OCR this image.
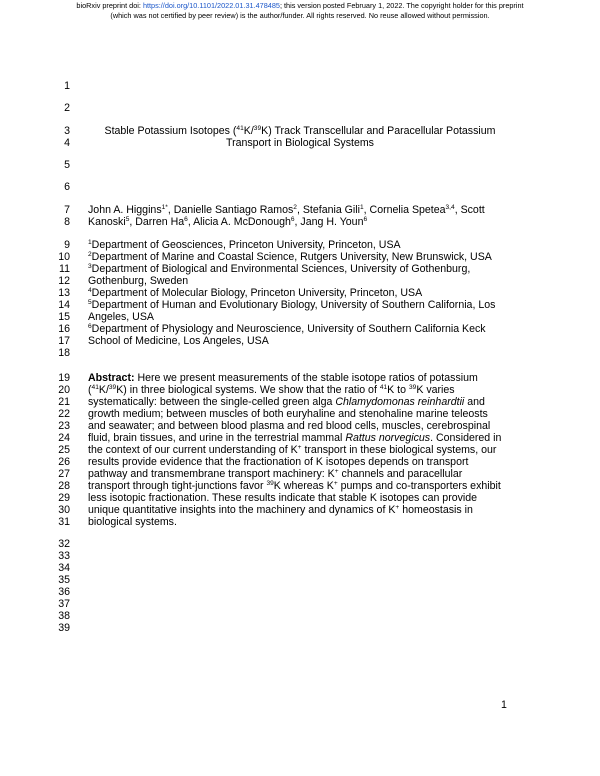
bioRxiv preprint doi: https://doi.org/10.1101/2022.01.31.478485; this version posted February 1, 2022. The copyright holder for this preprint
(which was not certified by peer review) is the author/funder. All rights reserved. No reuse allowed without permission.
1
2
3
4
5
6
7
8
9
10
11
12
13
14
15
16
17
18
19
20
21
22
23
24
25
26
27
28
29
30
31
32
33
34
35
36
37
38
39
Stable Potassium Isotopes ($^{41}$K/$^{39}$K) Track Transcellular and Paracellular Potassium
Transport in Biological Systems
John A. Higgins$^{1*}$, Danielle Santiago Ramos$^2$, Stefania Gili$^1$, Cornelia Spetea$^{3,4}$, Scott
Kanoski$^5$, Darren Ha$^6$, Alicia A. McDonough$^6$, Jang H. Youn$^6$
$^1$Department of Geosciences, Princeton University, Princeton, USA
$^2$Department of Marine and Coastal Science, Rutgers University, New Brunswick, USA
$^3$Department of Biological and Environmental Sciences, University of Gothenburg,
Gothenburg, Sweden
$^4$Department of Molecular Biology, Princeton University, Princeton, USA
$^5$Department of Human and Evolutionary Biology, University of Southern California, Los
Angeles, USA
$^6$Department of Physiology and Neuroscience, University of Southern California Keck
School of Medicine, Los Angeles, USA
Abstract: Here we present measurements of the stable isotope ratios of potassium
($^{41}$K/$^{39}$K) in three biological systems. We show that the ratio of $^{41}$K to $^{39}$K varies
systematically: between the single-celled green alga Chlamydomonas reinhardtii and
growth medium; between muscles of both euryhaline and stenohaline marine teleosts
and seawater; and between blood plasma and red blood cells, muscles, cerebrospinal
fluid, brain tissues, and urine in the terrestrial mammal Rattus norvegicus. Considered in
the context of our current understanding of K+ transport in these biological systems, our
results provide evidence that the fractionation of K isotopes depends on transport
pathway and transmembrane transport machinery: K+ channels and paracellular
transport through tight-junctions favor $^{39}$K whereas K+ pumps and co-transporters exhibit
less isotopic fractionation. These results indicate that stable K isotopes can provide
unique quantitative insights into the machinery and dynamics of K+ homeostasis in
biological systems.
1
